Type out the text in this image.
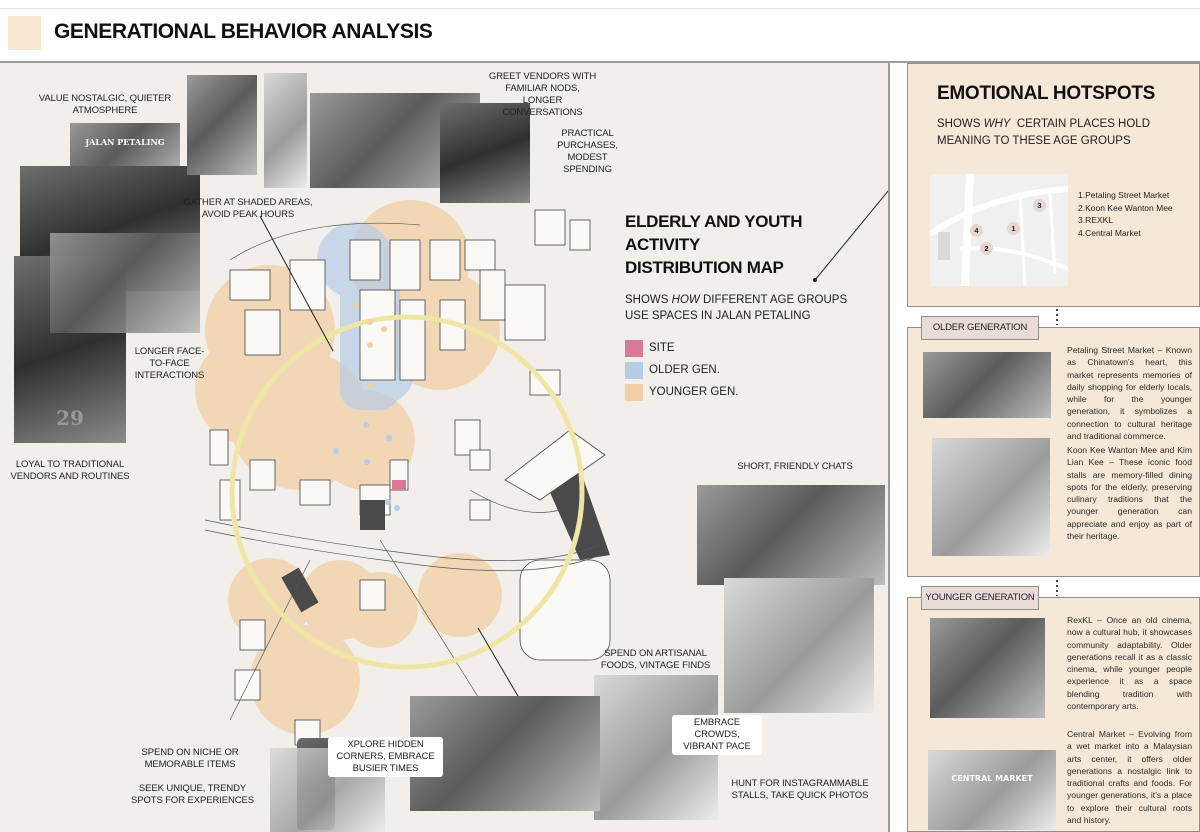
GENERATIONAL BEHAVIOR ANALYSIS
JALAN PETALING
29
VALUE NOSTALGIC, QUIETER ATMOSPHERE
GREET VENDORS WITH FAMILIAR NODS, LONGER CONVERSATIONS
PRACTICAL PURCHASES, MODEST SPENDING
GATHER AT SHADED AREAS, AVOID PEAK HOURS
LONGER FACE-TO-FACE INTERACTIONS
LOYAL TO TRADITIONAL VENDORS AND ROUTINES
SHORT, FRIENDLY CHATS
SPEND ON ARTISANAL FOODS, VINTAGE FINDS
EMBRACE CROWDS, VIBRANT PACE
HUNT FOR INSTAGRAMMABLE STALLS, TAKE QUICK PHOTOS
XPLORE HIDDEN CORNERS, EMBRACE BUSIER TIMES
SPEND ON NICHE OR MEMORABLE ITEMS
SEEK UNIQUE, TRENDY SPOTS FOR EXPERIENCES
ELDERLY AND YOUTH
ACTIVITY
DISTRIBUTION MAP
SHOWS HOW DIFFERENT AGE GROUPS
USE SPACES IN JALAN PETALING
SITE
OLDER GEN.
YOUNGER GEN.
EMOTIONAL HOTSPOTS
SHOWS WHY  CERTAIN PLACES HOLD
MEANING TO THESE AGE GROUPS
1
2
3
4
1.Petaling Street Market
2.Koon Kee Wanton Mee
3.REXKL
4.Central Market
Petaling Street Market – Known as Chinatown's heart, this market represents memories of daily shopping for elderly locals, while for the younger generation, it symbolizes a connection to cultural heritage and traditional commerce.
Koon Kee Wanton Mee and Kim Lian Kee – These iconic food stalls are memory-filled dining spots for the elderly, preserving culinary traditions that the younger generation can appreciate and enjoy as part of their heritage.
OLDER GENERATION
CENTRAL MARKET
RexKL – Once an old cinema, now a cultural hub, it showcases community adaptability. Older generations recall it as a classic cinema, while younger people experience it as a space blending tradition with contemporary arts.
Central Market – Evolving from a wet market into a Malaysian arts center, it offers older generations a nostalgic link to traditional crafts and foods. For younger generations, it's a place to explore their cultural roots and history.
YOUNGER GENERATION
